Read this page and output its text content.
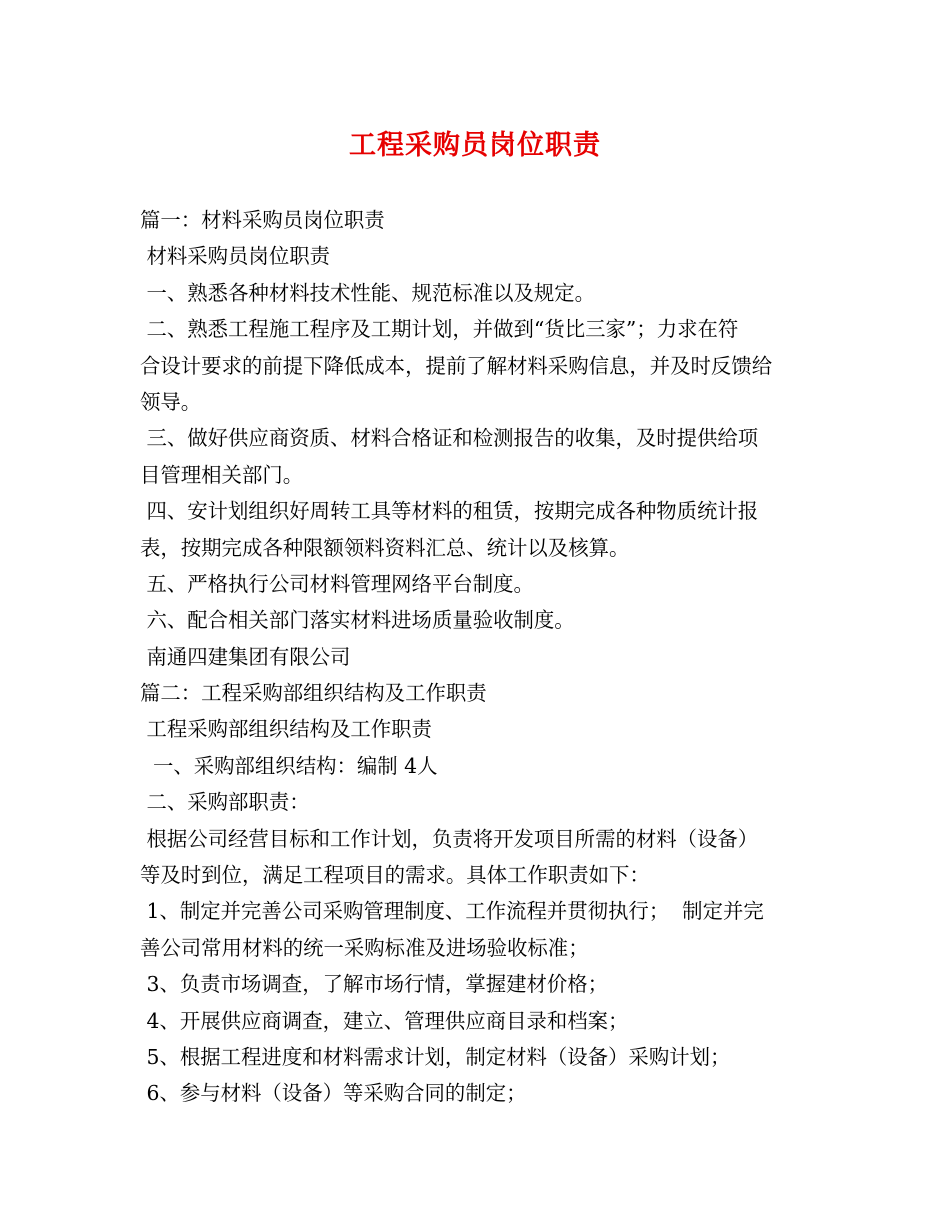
工程采购员岗位职责
篇一：材料采购员岗位职责
材料采购员岗位职责
一、熟悉各种材料技术性能、规范标准以及规定。
二、熟悉工程施工程序及工期计划，并做到“货比三家”；力求在符
合设计要求的前提下降低成本，提前了解材料采购信息，并及时反馈给
领导。
三、做好供应商资质、材料合格证和检测报告的收集，及时提供给项
目管理相关部门。
四、安计划组织好周转工具等材料的租赁，按期完成各种物质统计报
表，按期完成各种限额领料资料汇总、统计以及核算。
五、严格执行公司材料管理网络平台制度。
六、配合相关部门落实材料进场质量验收制度。
南通四建集团有限公司
篇二：工程采购部组织结构及工作职责
工程采购部组织结构及工作职责
一、采购部组织结构：编制 4人
二、采购部职责：
根据公司经营目标和工作计划，负责将开发项目所需的材料（设备）
等及时到位，满足工程项目的需求。具体工作职责如下：
1、制定并完善公司采购管理制度、工作流程并贯彻执行；  制定并完
善公司常用材料的统一采购标准及进场验收标准；
3、负责市场调查，了解市场行情，掌握建材价格；
4、开展供应商调查，建立、管理供应商目录和档案；
5、根据工程进度和材料需求计划，制定材料（设备）采购计划；
6、参与材料（设备）等采购合同的制定；
